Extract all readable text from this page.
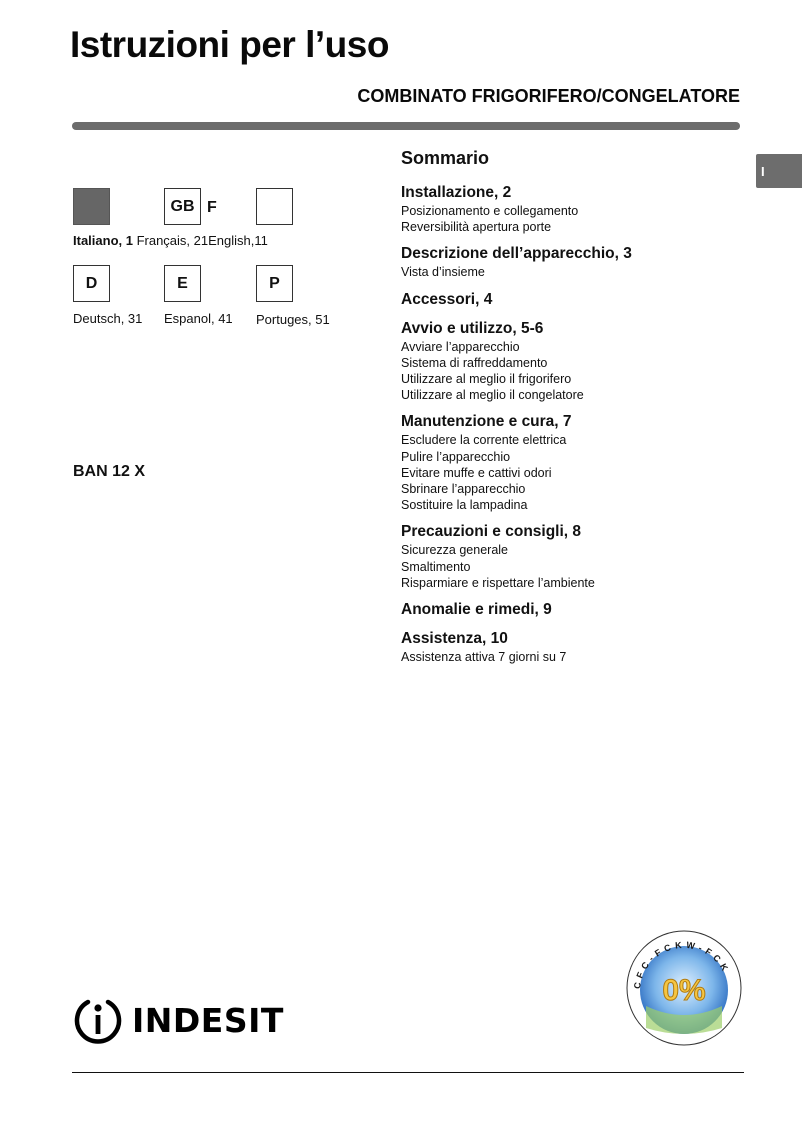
Istruzioni per l’uso
COMBINATO FRIGORIFERO/CONGELATORE
I
GB F
Italiano, 1 Français, 21English,11
D	E	P
Deutsch, 31 Espanol, 41 Portuges, 51
BAN 12 X
Sommario
Installazione, 2
Posizionamento e collegamento
Reversibilità apertura porte
Descrizione dell’apparecchio, 3
Vista d’insieme
Accessori, 4
Avvio e utilizzo, 5-6
Avviare l’apparecchio
Sistema di raffreddamento
Utilizzare al meglio il frigorifero
Utilizzare al meglio il congelatore
Manutenzione e cura, 7
Escludere la corrente elettrica
Pulire l’apparecchio
Evitare muffe e cattivi odori
Sbrinare l’apparecchio
Sostituire la lampadina
Precauzioni e consigli, 8
Sicurezza generale
Smaltimento
Risparmiare e rispettare l’ambiente
Anomalie e rimedi, 9
Assistenza, 10
Assistenza attiva 7 giorni su 7
INDESIT
CFC-FCKW-FCK
0%
